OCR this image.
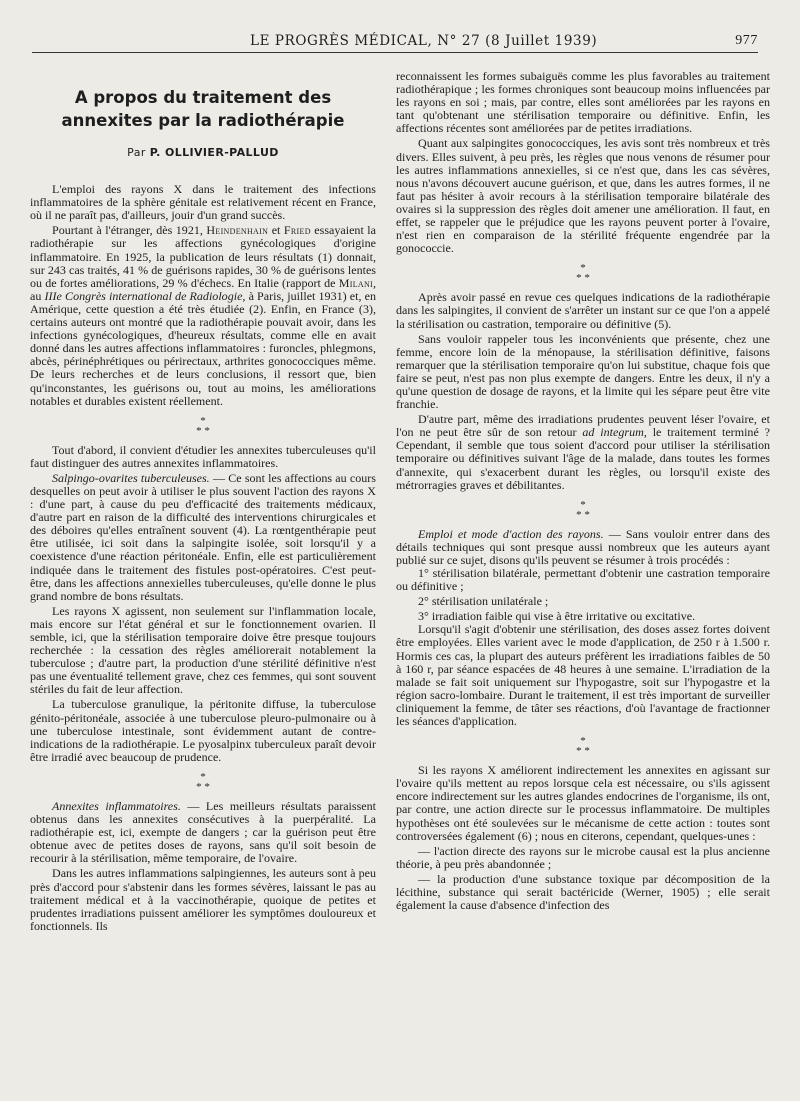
LE PROGRÈS MÉDICAL, N° 27 (8 Juillet 1939)	977
A propos du traitement des annexites par la radiothérapie
Par P. OLLIVIER-PALLUD

L'emploi des rayons X dans le traitement des infections inflammatoires de la sphère génitale est relativement récent en France, où il ne paraît pas, d'ailleurs, jouir d'un grand succès.

Pourtant à l'étranger, dès 1921, Heindenhain et Fried essayaient la radiothérapie sur les affections gynécologiques d'origine inflammatoire. En 1925, la publication de leurs résultats (1) donnait, sur 243 cas traités, 41 % de guérisons rapides, 30 % de guérisons lentes ou de fortes améliorations, 29 % d'échecs. En Italie (rapport de Milani, au IIIe Congrès international de Radiologie, à Paris, juillet 1931) et, en Amérique, cette question a été très étudiée (2). Enfin, en France (3), certains auteurs ont montré que la radiothérapie pouvait avoir, dans les infections gynécologiques, d'heureux résultats, comme elle en avait donné dans les autres affections inflammatoires : furoncles, phlegmons, abcès, périnéphrétiques ou périrectaux, arthrites gonococciques même. De leurs recherches et de leurs conclusions, il ressort que, bien qu'inconstantes, les guérisons ou, tout au moins, les améliorations notables et durables existent réellement.

*
* *

Tout d'abord, il convient d'étudier les annexites tuberculeuses qu'il faut distinguer des autres annexites inflammatoires.

Salpingo-ovarites tuberculeuses. — Ce sont les affections au cours desquelles on peut avoir à utiliser le plus souvent l'action des rayons X : d'une part, à cause du peu d'efficacité des traitements médicaux, d'autre part en raison de la difficulté des interventions chirurgicales et des déboires qu'elles entraînent souvent (4). La rœntgenthérapie peut être utilisée, ici soit dans la salpingite isolée, soit lorsqu'il y a coexistence d'une réaction péritonéale. Enfin, elle est particulièrement indiquée dans le traitement des fistules post-opératoires. C'est peut-être, dans les affections annexielles tuberculeuses, qu'elle donne le plus grand nombre de bons résultats.

Les rayons X agissent, non seulement sur l'inflammation locale, mais encore sur l'état général et sur le fonctionnement ovarien. Il semble, ici, que la stérilisation temporaire doive être presque toujours recherchée : la cessation des règles améliorerait notablement la tuberculose ; d'autre part, la production d'une stérilité définitive n'est pas une éventualité tellement grave, chez ces femmes, qui sont souvent stériles du fait de leur affection.

La tuberculose granulique, la péritonite diffuse, la tuberculose génito-péritonéale, associée à une tuberculose pleuro-pulmonaire ou à une tuberculose intestinale, sont évidemment autant de contre-indications de la radiothérapie. Le pyosalpinx tuberculeux paraît devoir être irradié avec beaucoup de prudence.

*
* *

Annexites inflammatoires. — Les meilleurs résultats paraissent obtenus dans les annexites consécutives à la puerpéralité. La radiothérapie est, ici, exempte de dangers ; car la guérison peut être obtenue avec de petites doses de rayons, sans qu'il soit besoin de recourir à la stérilisation, même temporaire, de l'ovaire.

Dans les autres inflammations salpingiennes, les auteurs sont à peu près d'accord pour s'abstenir dans les formes sévères, laissant le pas au traitement médical et à la vaccinothérapie, quoique de petites et prudentes irradiations puissent améliorer les symptômes douloureux et fonctionnels. Ils

reconnaissent les formes subaiguës comme les plus favorables au traitement radiothérapique ; les formes chroniques sont beaucoup moins influencées par les rayons en soi ; mais, par contre, elles sont améliorées par les rayons en tant qu'obtenant une stérilisation temporaire ou définitive. Enfin, les affections récentes sont améliorées par de petites irradiations.

Quant aux salpingites gonococciques, les avis sont très nombreux et très divers. Elles suivent, à peu près, les règles que nous venons de résumer pour les autres inflammations annexielles, si ce n'est que, dans les cas sévères, nous n'avons découvert aucune guérison, et que, dans les autres formes, il ne faut pas hésiter à avoir recours à la stérilisation temporaire bilatérale des ovaires si la suppression des règles doit amener une amélioration. Il faut, en effet, se rappeler que le préjudice que les rayons peuvent porter à l'ovaire, n'est rien en comparaison de la stérilité fréquente engendrée par la gonococcie.

*
* *

Après avoir passé en revue ces quelques indications de la radiothérapie dans les salpingites, il convient de s'arrêter un instant sur ce que l'on a appelé la stérilisation ou castration, temporaire ou définitive (5).

Sans vouloir rappeler tous les inconvénients que présente, chez une femme, encore loin de la ménopause, la stérilisation définitive, faisons remarquer que la stérilisation temporaire qu'on lui substitue, chaque fois que faire se peut, n'est pas non plus exempte de dangers. Entre les deux, il n'y a qu'une question de dosage de rayons, et la limite qui les sépare peut être vite franchie.

D'autre part, même des irradiations prudentes peuvent léser l'ovaire, et l'on ne peut être sûr de son retour ad integrum, le traitement terminé ? Cependant, il semble que tous soient d'accord pour utiliser la stérilisation temporaire ou définitives suivant l'âge de la malade, dans toutes les formes d'annexite, qui s'exacerbent durant les règles, ou lorsqu'il existe des métrorragies graves et débilitantes.

*
* *

Emploi et mode d'action des rayons. — Sans vouloir entrer dans des détails techniques qui sont presque aussi nombreux que les auteurs ayant publié sur ce sujet, disons qu'ils peuvent se résumer à trois procédés :

1° stérilisation bilatérale, permettant d'obtenir une castration temporaire ou définitive ;

2° stérilisation unilatérale ;

3° irradiation faible qui vise à être irritative ou excitative.

Lorsqu'il s'agit d'obtenir une stérilisation, des doses assez fortes doivent être employées. Elles varient avec le mode d'application, de 250 r à 1.500 r. Hormis ces cas, la plupart des auteurs préfèrent les irradiations faibles de 50 à 160 r, par séance espacées de 48 heures à une semaine. L'irradiation de la malade se fait soit uniquement sur l'hypogastre, soit sur l'hypogastre et la région sacro-lombaire. Durant le traitement, il est très important de surveiller cliniquement la femme, de tâter ses réactions, d'où l'avantage de fractionner les séances d'application.

*
* *

Si les rayons X améliorent indirectement les annexites en agissant sur l'ovaire qu'ils mettent au repos lorsque cela est nécessaire, ou s'ils agissent encore indirectement sur les autres glandes endocrines de l'organisme, ils ont, par contre, une action directe sur le processus inflammatoire. De multiples hypothèses ont été soulevées sur le mécanisme de cette action : toutes sont controversées également (6) ; nous en citerons, cependant, quelques-unes :

— l'action directe des rayons sur le microbe causal est la plus ancienne théorie, à peu près abandonnée ;

— la production d'une substance toxique par décomposition de la lécithine, substance qui serait bactéricide (Werner, 1905) ; elle serait également la cause d'absence d'infection des
